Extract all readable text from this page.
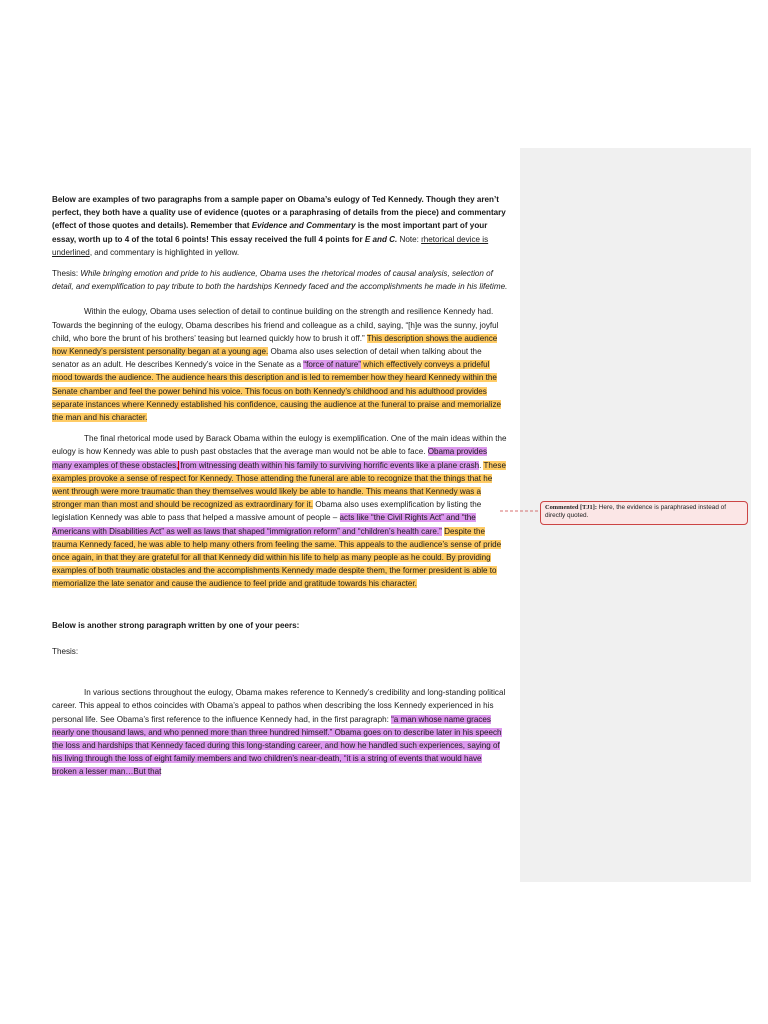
Below are examples of two paragraphs from a sample paper on Obama’s eulogy of Ted Kennedy. Though they aren’t perfect, they both have a quality use of evidence (quotes or a paraphrasing of details from the piece) and commentary (effect of those quotes and details). Remember that Evidence and Commentary is the most important part of your essay, worth up to 4 of the total 6 points! This essay received the full 4 points for E and C. Note: rhetorical device is underlined, and commentary is highlighted in yellow.

Thesis: While bringing emotion and pride to his audience, Obama uses the rhetorical modes of causal analysis, selection of detail, and exemplification to pay tribute to both the hardships Kennedy faced and the accomplishments he made in his lifetime.

Within the eulogy, Obama uses selection of detail to continue building on the strength and resilience Kennedy had. Towards the beginning of the eulogy, Obama describes his friend and colleague as a child, saying, “[h]e was the sunny, joyful child, who bore the brunt of his brothers’ teasing but learned quickly how to brush it off.” This description shows the audience how Kennedy’s persistent personality began at a young age. Obama also uses selection of detail when talking about the senator as an adult. He describes Kennedy’s voice in the Senate as a “force of nature” which effectively conveys a prideful mood towards the audience. The audience hears this description and is led to remember how they heard Kennedy within the Senate chamber and feel the power behind his voice. This focus on both Kennedy’s childhood and his adulthood provides separate instances where Kennedy established his confidence, causing the audience at the funeral to praise and memorialize the man and his character.

The final rhetorical mode used by Barack Obama within the eulogy is exemplification. One of the main ideas within the eulogy is how Kennedy was able to push past obstacles that the average man would not be able to face. Obama provides many examples of these obstacles, from witnessing death within his family to surviving horrific events like a plane crash. These examples provoke a sense of respect for Kennedy. Those attending the funeral are able to recognize that the things that he went through were more traumatic than they themselves would likely be able to handle. This means that Kennedy was a stronger man than most and should be recognized as extraordinary for it. Obama also uses exemplification by listing the legislation Kennedy was able to pass that helped a massive amount of people – acts like “the Civil Rights Act” and “the Americans with Disabilities Act” as well as laws that shaped “immigration reform” and “children’s health care.” Despite the trauma Kennedy faced, he was able to help many others from feeling the same. This appeals to the audience’s sense of pride once again, in that they are grateful for all that Kennedy did within his life to help as many people as he could. By providing examples of both traumatic obstacles and the accomplishments Kennedy made despite them, the former president is able to memorialize the late senator and cause the audience to feel pride and gratitude towards his character.

Below is another strong paragraph written by one of your peers:

Thesis:

In various sections throughout the eulogy, Obama makes reference to Kennedy’s credibility and long-standing political career. This appeal to ethos coincides with Obama’s appeal to pathos when describing the loss Kennedy experienced in his personal life. See Obama’s first reference to the influence Kennedy had, in the first paragraph: “a man whose name graces nearly one thousand laws, and who penned more than three hundred himself.” Obama goes on to describe later in his speech the loss and hardships that Kennedy faced during this long-standing career, and how he handled such experiences, saying of his living through the loss of eight family members and two children’s near-death, “it is a string of events that would have broken a lesser man…But that

Commented [TJ1]: Here, the evidence is paraphrased instead of directly quoted.
